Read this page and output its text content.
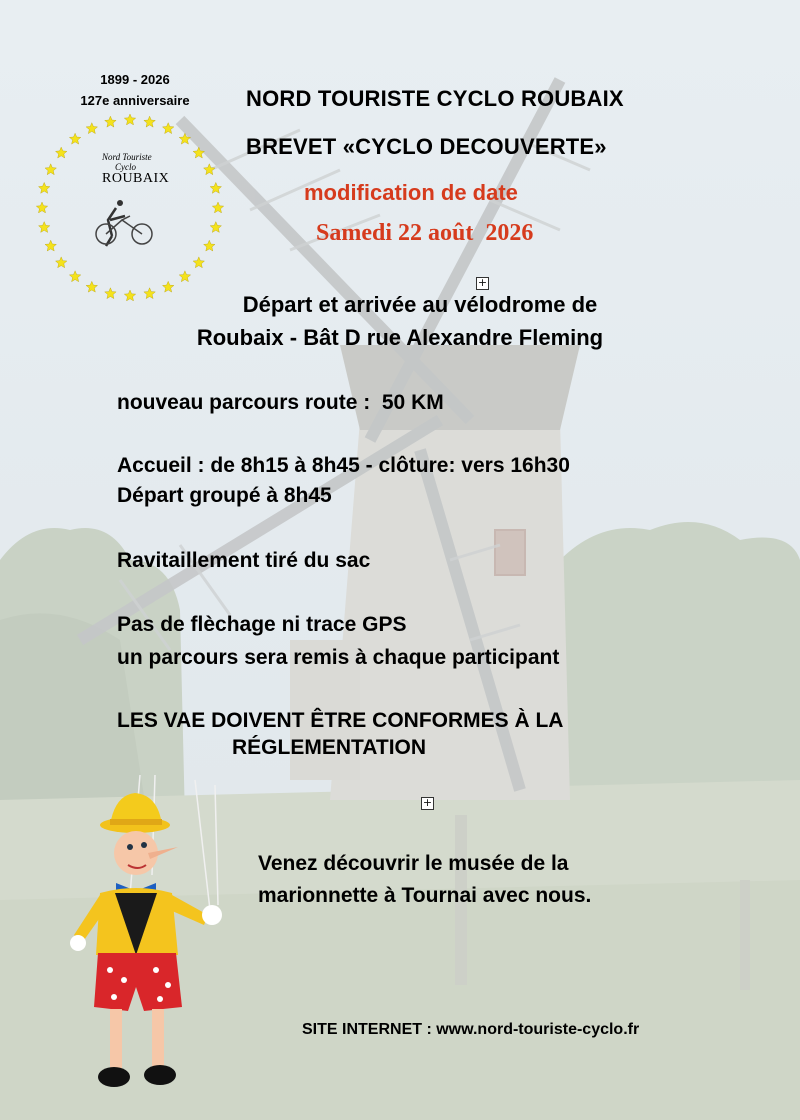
1899 - 2026
127e anniversaire
Nord Touriste
Cyclo
ROUBAIX
NORD TOURISTE CYCLO ROUBAIX
BREVET «CYCLO DECOUVERTE»
modification de date
Samedi 22 août  2026
+
Départ et arrivée au vélodrome de
Roubaix - Bât D rue Alexandre Fleming
nouveau parcours route :  50 KM
Accueil : de 8h15 à 8h45 - clôture: vers 16h30
Départ groupé à 8h45
Ravitaillement tiré du sac
Pas de flèchage ni trace GPS
un parcours sera remis à chaque participant
LES VAE DOIVENT ÊTRE CONFORMES À LA
RÉGLEMENTATION
+
Venez découvrir le musée de la
marionnette à Tournai avec nous.
SITE INTERNET : www.nord-touriste-cyclo.fr
